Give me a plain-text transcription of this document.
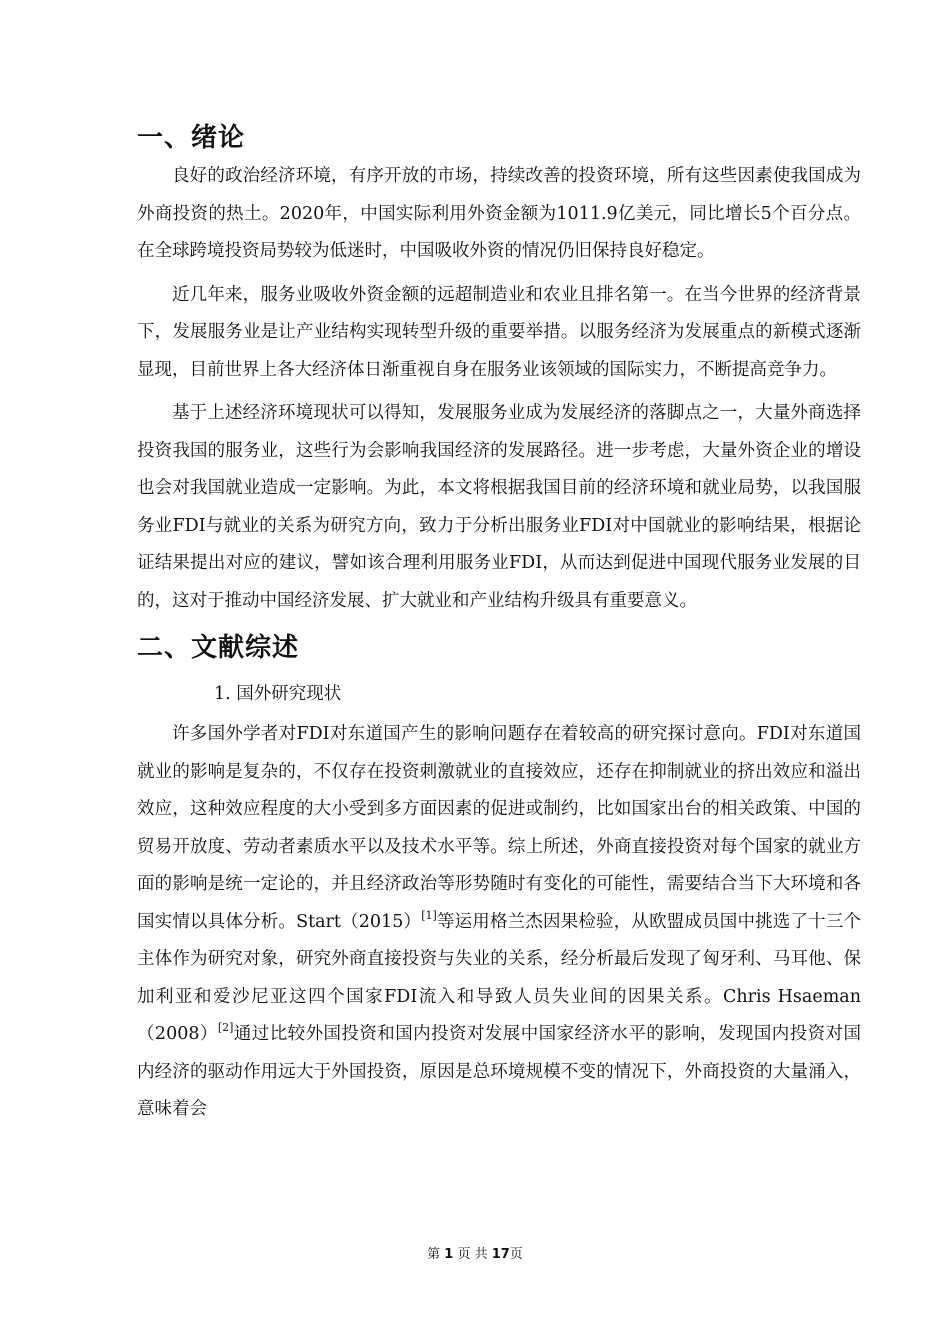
一、绪论

良好的政治经济环境，有序开放的市场，持续改善的投资环境，所有这些因素使我国成为外商投资的热土。2020年，中国实际利用外资金额为1011.9亿美元，同比增长5个百分点。在全球跨境投资局势较为低迷时，中国吸收外资的情况仍旧保持良好稳定。

近几年来，服务业吸收外资金额的远超制造业和农业且排名第一。在当今世界的经济背景下，发展服务业是让产业结构实现转型升级的重要举措。以服务经济为发展重点的新模式逐渐显现，目前世界上各大经济体日渐重视自身在服务业该领域的国际实力，不断提高竞争力。

基于上述经济环境现状可以得知，发展服务业成为发展经济的落脚点之一，大量外商选择投资我国的服务业，这些行为会影响我国经济的发展路径。进一步考虑，大量外资企业的增设也会对我国就业造成一定影响。为此，本文将根据我国目前的经济环境和就业局势，以我国服务业FDI与就业的关系为研究方向，致力于分析出服务业FDI对中国就业的影响结果，根据论证结果提出对应的建议，譬如该合理利用服务业FDI，从而达到促进中国现代服务业发展的目的，这对于推动中国经济发展、扩大就业和产业结构升级具有重要意义。

二、文献综述
1. 国外研究现状

许多国外学者对FDI对东道国产生的影响问题存在着较高的研究探讨意向。FDI对东道国就业的影响是复杂的，不仅存在投资刺激就业的直接效应，还存在抑制就业的挤出效应和溢出效应，这种效应程度的大小受到多方面因素的促进或制约，比如国家出台的相关政策、中国的贸易开放度、劳动者素质水平以及技术水平等。综上所述，外商直接投资对每个国家的就业方面的影响是统一定论的，并且经济政治等形势随时有变化的可能性，需要结合当下大环境和各国实情以具体分析。Start（2015）[1]等运用格兰杰因果检验，从欧盟成员国中挑选了十三个主体作为研究对象，研究外商直接投资与失业的关系，经分析最后发现了匈牙利、马耳他、保加利亚和爱沙尼亚这四个国家FDI流入和导致人员失业间的因果关系。Chris Hsaeman（2008）[2]通过比较外国投资和国内投资对发展中国家经济水平的影响，发现国内投资对国内经济的驱动作用远大于外国投资，原因是总环境规模不变的情况下，外商投资的大量涌入，意味着会

第 1 页 共 17页
